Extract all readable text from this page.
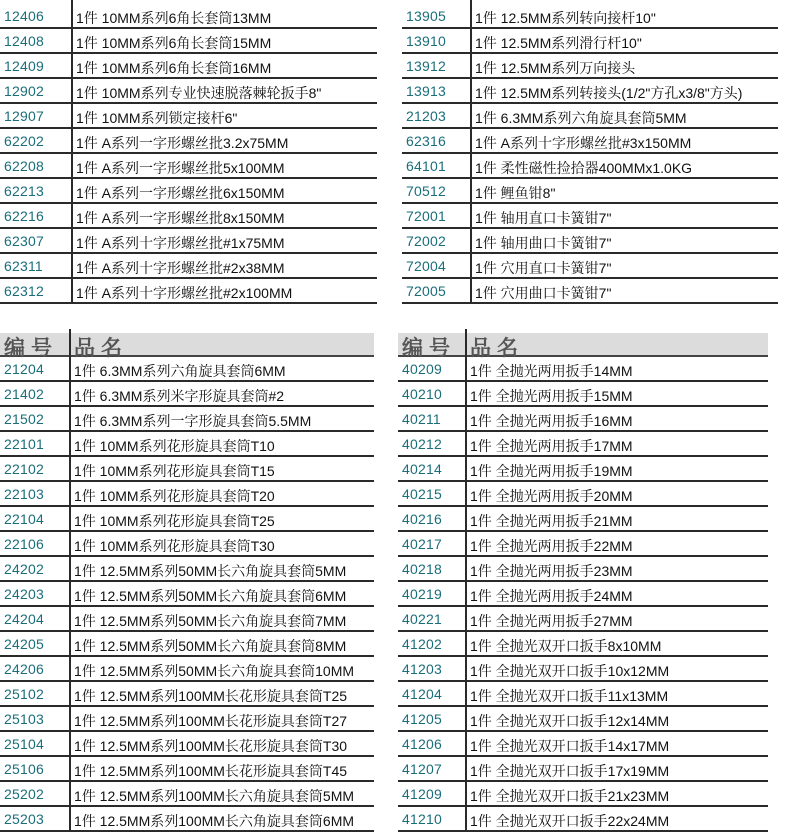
12406 1件 10MM系列6角长套筒13MM
12408 1件 10MM系列6角长套筒15MM
12409 1件 10MM系列6角长套筒16MM
12902 1件 10MM系列专业快速脱落棘轮扳手8"
12907 1件 10MM系列锁定接杆6"
62202 1件 A系列一字形螺丝批3.2x75MM
62208 1件 A系列一字形螺丝批5x100MM
62213 1件 A系列一字形螺丝批6x150MM
62216 1件 A系列一字形螺丝批8x150MM
62307 1件 A系列十字形螺丝批#1x75MM
62311 1件 A系列十字形螺丝批#2x38MM
62312 1件 A系列十字形螺丝批#2x100MM
13905 1件 12.5MM系列转向接杆10"
13910 1件 12.5MM系列滑行杆10"
13912 1件 12.5MM系列万向接头
13913 1件 12.5MM系列转接头(1/2"方孔x3/8"方头)
21203 1件 6.3MM系列六角旋具套筒5MM
62316 1件 A系列十字形螺丝批#3x150MM
64101 1件 柔性磁性捡拾器400MMx1.0KG
70512 1件 鲤鱼钳8"
72001 1件 轴用直口卡簧钳7"
72002 1件 轴用曲口卡簧钳7"
72004 1件 穴用直口卡簧钳7"
72005 1件 穴用曲口卡簧钳7"
编号 品名
21204 1件 6.3MM系列六角旋具套筒6MM
21402 1件 6.3MM系列米字形旋具套筒#2
21502 1件 6.3MM系列一字形旋具套筒5.5MM
22101 1件 10MM系列花形旋具套筒T10
22102 1件 10MM系列花形旋具套筒T15
22103 1件 10MM系列花形旋具套筒T20
22104 1件 10MM系列花形旋具套筒T25
22106 1件 10MM系列花形旋具套筒T30
24202 1件 12.5MM系列50MM长六角旋具套筒5MM
24203 1件 12.5MM系列50MM长六角旋具套筒6MM
24204 1件 12.5MM系列50MM长六角旋具套筒7MM
24205 1件 12.5MM系列50MM长六角旋具套筒8MM
24206 1件 12.5MM系列50MM长六角旋具套筒10MM
25102 1件 12.5MM系列100MM长花形旋具套筒T25
25103 1件 12.5MM系列100MM长花形旋具套筒T27
25104 1件 12.5MM系列100MM长花形旋具套筒T30
25106 1件 12.5MM系列100MM长花形旋具套筒T45
25202 1件 12.5MM系列100MM长六角旋具套筒5MM
25203 1件 12.5MM系列100MM长六角旋具套筒6MM
编号 品名
40209 1件 全抛光两用扳手14MM
40210 1件 全抛光两用扳手15MM
40211 1件 全抛光两用扳手16MM
40212 1件 全抛光两用扳手17MM
40214 1件 全抛光两用扳手19MM
40215 1件 全抛光两用扳手20MM
40216 1件 全抛光两用扳手21MM
40217 1件 全抛光两用扳手22MM
40218 1件 全抛光两用扳手23MM
40219 1件 全抛光两用扳手24MM
40221 1件 全抛光两用扳手27MM
41202 1件 全抛光双开口扳手8x10MM
41203 1件 全抛光双开口扳手10x12MM
41204 1件 全抛光双开口扳手11x13MM
41205 1件 全抛光双开口扳手12x14MM
41206 1件 全抛光双开口扳手14x17MM
41207 1件 全抛光双开口扳手17x19MM
41209 1件 全抛光双开口扳手21x23MM
41210 1件 全抛光双开口扳手22x24MM
